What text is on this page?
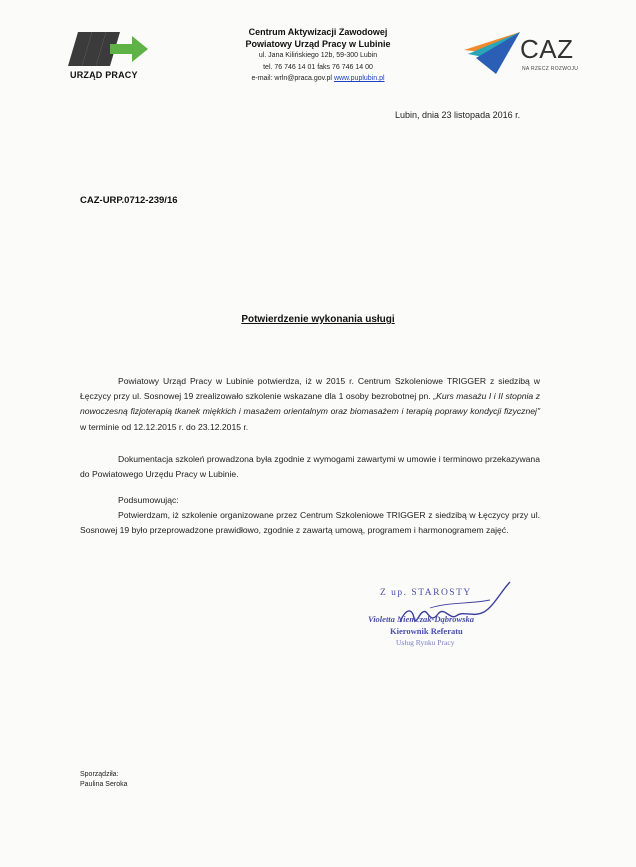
URZĄD PRACY
Centrum Aktywizacji Zawodowej
Powiatowy Urząd Pracy w Lubinie
ul. Jana Kilińskiego 12b, 59-300 Lubin
tel. 76 746 14 01 faks 76 746 14 00
e-mail: wrln@praca.gov.pl www.puplubin.pl
CAZ
NA RZECZ ROZWOJU
Lubin, dnia 23 listopada 2016 r.
CAZ-URP.0712-239/16
Potwierdzenie wykonania usługi
Powiatowy Urząd Pracy w Lubinie potwierdza, iż w 2015 r. Centrum Szkoleniowe TRIGGER z siedzibą w Łęczycy przy ul. Sosnowej 19 zrealizowało szkolenie wskazane dla 1 osoby bezrobotnej pn. „Kurs masażu I i II stopnia z nowoczesną fizjoterapią tkanek miękkich i masażem orientalnym oraz biomasażem i terapią poprawy kondycji fizycznej" w terminie od 12.12.2015 r. do 23.12.2015 r.
Dokumentacja szkoleń prowadzona była zgodnie z wymogami zawartymi w umowie i terminowo przekazywana do Powiatowego Urzędu Pracy w Lubinie.
Podsumowując:
Potwierdzam, iż szkolenie organizowane przez Centrum Szkoleniowe TRIGGER z siedzibą w Łęczycy przy ul. Sosnowej 19 było przeprowadzone prawidłowo, zgodnie z zawartą umową, programem i harmonogramem zajęć.
Z up. STAROSTY
Violetta Niemczak-Dąbrowska
Kierownik Referatu
Usług Rynku Pracy
Sporządziła:
Paulina Seroka
